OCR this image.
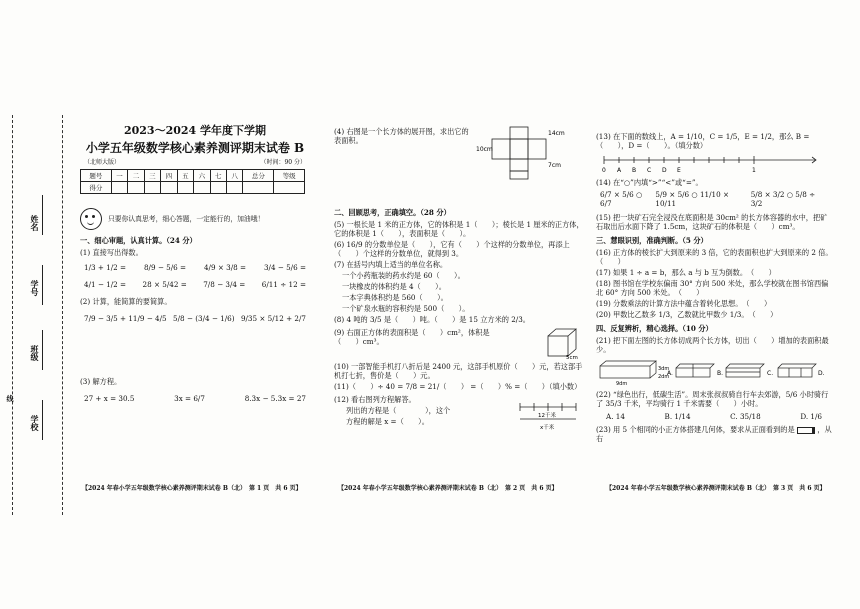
姓名
学号
班级
学校
线
2023～2024 学年度下学期
小学五年级数学核心素养测评期末试卷 B
（北师大版）	（时间：90 分）
题号	一	二	三	四	五	六	七	八	总分	等级
得分										
只要你认真思考，细心答题，一定能行的，加油哦！
一、细心审题，认真计算。（24 分）
(1) 直接写出得数。
1/3 + 1/2 = 8/9 − 5/6 = 4/9 × 3/8 = 3/4 − 5/6 =
4/1 − 1/2 = 28 × 5/42 = 7/8 − 3/4 = 6/11 ÷ 12 =
(2) 计算，能简算的要简算。
7/9 − 3/5 + 11/9 − 4/5 5/8 − (3/4 − 1/6) 9/35 × 5/12 + 2/7
(3) 解方程。
27 + x = 30.5	3x = 6/7	8.3x − 5.3x = 27
【2024 年春小学五年级数学核心素养测评期末试卷 B（北）　第 1 页　共 6 页】
(4) 右图是一个长方体的展开图，求出它的表面积。
14cm
10cm
7cm
二、回顾思考，正确填空。（28 分）
(5) 一根长是 1 米的正方体，它的体积是 1（　　）；棱长是 1 厘米的正方体，它的体积是 1（　　），表面积是（　　）。
(6) 16/9 的分数单位是（　　），它有（　　）个这样的分数单位，再添上（　　）个这样的分数单位，就得到 3。
(7) 在括号内填上适当的单位名称。
一个小药瓶装的药水约是 60（　　）。
一块橡皮的体积约是 4（　　）。
一本字典体积约是 560（　　）。
一个矿泉水瓶的容积约是 500（　　）。
(8) 4 吨的 3/5 是（　　）吨。（　　）是 15 立方米的 2/3。
(9) 右面正方体的表面积是（　　）cm²，体积是（　　）cm³。
5cm
(10) 一部智能手机打八折后是 2400 元，这部手机原价（　　）元，若这部手机打七折，售价是（　　）元。
(11)（　　）÷ 40 = 7/8 = 21/（　　） =（　　）% =（　　）（填小数）
(12) 看右图列方程解答。
列出的方程是（　　　　），这个
方程的解是 x =（　　）。
12千米
x千米
【2024 年春小学五年级数学核心素养测评期末试卷 B（北）　第 2 页　共 6 页】
(13) 在下面的数线上，A = 1/10，C = 1/5，E = 1/2，那么 B =（　　），D =（　　）。（填分数）
0 A B C D E	1
(14) 在“○”内填“>”“<”或“=”。
6/7 × 5/6 ○ 6/7
5/9 × 5/6 ○ 11/10 × 10/11
5/8 × 3/2 ○ 5/8 ÷ 3/2
(15) 把一块矿石完全浸没在底面积是 30cm² 的长方体容器的水中，把矿石取出后水面下降了 1.5cm，这块矿石的体积是（　　）cm³。
三、慧眼识别，准确判断。（5 分）
(16) 正方体的棱长扩大到原来的 3 倍，它的表面积也扩大到原来的 2 倍。　（　　）
(17) 如果 1 ÷ a = b，那么 a 与 b 互为倒数。　（　　）
(18) 图书馆在学校东偏南 30° 方向 500 米处，那么学校就在图书馆西偏北 60° 方向 500 米处。　（　　）
(19) 分数乘法的计算方法中蕴含着转化思想。　（　　）
(20) 甲数比乙数多 1/3，乙数就比甲数少 1/3。　（　　）
四、反复辨析，精心选择。（10 分）
(21) 把下面左图的长方体切成两个长方体，切出（　　）增加的表面积最少。
3dm
2dm
9dm
A.	B.	C.	D.
(22) “绿色出行，低碳生活”。周末张叔叔骑自行车去郊游，5/6 小时骑行了 35/3 千米，平均骑行 1 千米需要（　　）小时。
A. 14	B. 1/14	C. 35/18	D. 1/6
(23) 用 5 个相同的小正方体搭建几何体，要求从正面看到的是	，从右
【2024 年春小学五年级数学核心素养测评期末试卷 B（北）　第 3 页　共 6 页】
